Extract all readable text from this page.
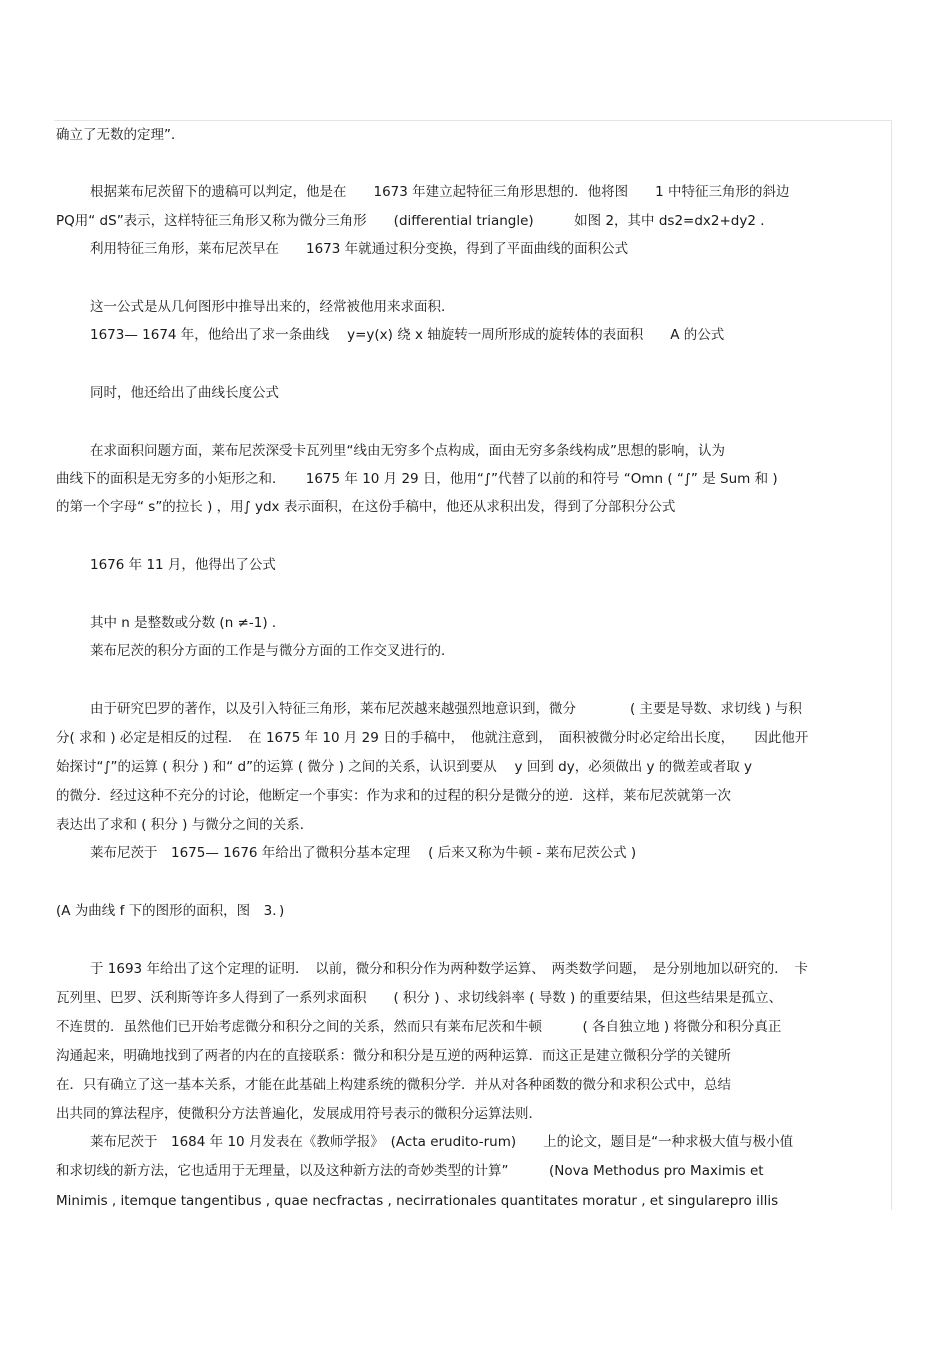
确立了无数的定理”．
根据莱布尼茨留下的遗稿可以判定，他是在　　1673 年建立起特征三角形思想的．他将图　　1 中特征三角形的斜边
PQ用“ dS”表示，这样特征三角形又称为微分三角形　　(differential triangle)　　　如图 2，其中 ds2=dx2+dy2 ．
利用特征三角形，莱布尼茨早在　　1673 年就通过积分变换，得到了平面曲线的面积公式
这一公式是从几何图形中推导出来的，经常被他用来求面积．
1673— 1674 年，他给出了求一条曲线　 y=y(x) 绕 x 轴旋转一周所形成的旋转体的表面积　　A 的公式
同时，他还给出了曲线长度公式
在求面积问题方面，莱布尼茨深受卡瓦列里“线由无穷多个点构成，面由无穷多条线构成”思想的影响，认为
曲线下的面积是无穷多的小矩形之和．　　1675 年 10 月 29 日，他用“∫”代替了以前的和符号 “Omn ( “∫” 是 Sum 和 )
的第一个字母“ s”的拉长 ) ，用∫ ydx 表示面积，在这份手稿中，他还从求积出发，得到了分部积分公式
1676 年 11 月，他得出了公式
其中 n 是整数或分数 (n ≠-1) ．
莱布尼茨的积分方面的工作是与微分方面的工作交叉进行的．
由于研究巴罗的著作，以及引入特征三角形，莱布尼茨越来越强烈地意识到，微分　　　　( 主要是导数、求切线 ) 与积
分( 求和 ) 必定是相反的过程．　在 1675 年 10 月 29 日的手稿中，　他就注意到，　面积被微分时必定给出长度，　　因此他开
始探讨“∫”的运算 ( 积分 ) 和“ d”的运算 ( 微分 ) 之间的关系，认识到要从　 y 回到 dy，必须做出 y 的微差或者取 y
的微分．经过这种不充分的讨论，他断定一个事实：作为求和的过程的积分是微分的逆．这样，莱布尼茨就第一次
表达出了求和 ( 积分 ) 与微分之间的关系．
莱布尼茨于　1675— 1676 年给出了微积分基本定理　 ( 后来又称为牛顿 - 莱布尼茨公式 )
(A 为曲线 f 下的图形的面积，图　3．)
于 1693 年给出了这个定理的证明．　以前，微分和积分作为两种数学运算、　两类数学问题，　是分别地加以研究的．　卡
瓦列里、巴罗、沃利斯等许多人得到了一系列求面积　　( 积分 ) 、求切线斜率 ( 导数 ) 的重要结果，但这些结果是孤立、
不连贯的．虽然他们已开始考虑微分和积分之间的关系，然而只有莱布尼茨和牛顿　　　( 各自独立地 ) 将微分和积分真正
沟通起来，明确地找到了两者的内在的直接联系：微分和积分是互逆的两种运算．而这正是建立微积分学的关键所
在．只有确立了这一基本关系，才能在此基础上构建系统的微积分学．并从对各种函数的微分和求积公式中，总结
出共同的算法程序，使微积分方法普遍化，发展成用符号表示的微积分运算法则．
莱布尼茨于　1684 年 10 月发表在《教师学报》　(Acta erudito-rum)　　上的论文，题目是“一种求极大值与极小值
和求切线的新方法，它也适用于无理量，以及这种新方法的奇妙类型的计算”　　　(Nova Methodus pro Maximis et
Minimis , itemque tangentibus , quae necfractas , necirrationales quantitates moratur , et singularepro illis
